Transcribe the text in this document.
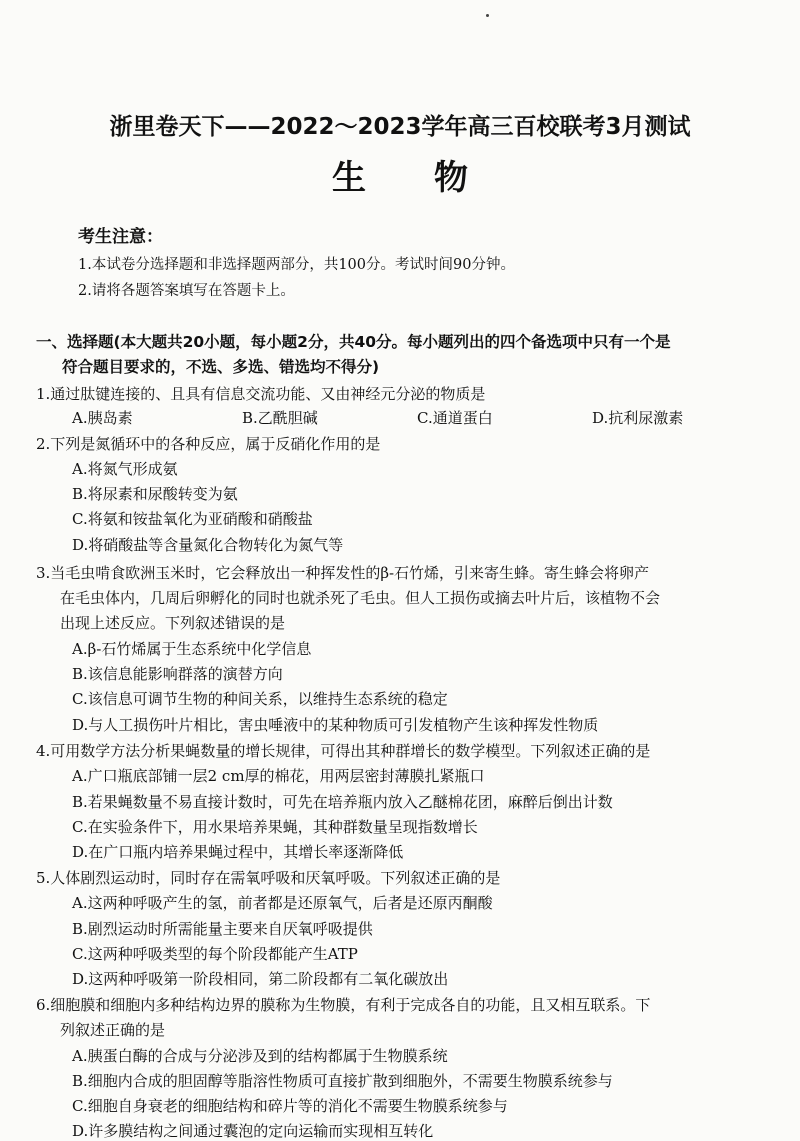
浙里卷天下——2022～2023学年高三百校联考3月测试
生物
考生注意：
1.本试卷分选择题和非选择题两部分，共100分。考试时间90分钟。
2.请将各题答案填写在答题卡上。
一、选择题(本大题共20小题，每小题2分，共40分。每小题列出的四个备选项中只有一个是
符合题目要求的，不选、多选、错选均不得分)
1.通过肽键连接的、且具有信息交流功能、又由神经元分泌的物质是
A.胰岛素	B.乙酰胆碱	C.通道蛋白	D.抗利尿激素
2.下列是氮循环中的各种反应，属于反硝化作用的是
A.将氮气形成氨
B.将尿素和尿酸转变为氨
C.将氨和铵盐氧化为亚硝酸和硝酸盐
D.将硝酸盐等含量氮化合物转化为氮气等
3.当毛虫啃食欧洲玉米时，它会释放出一种挥发性的β-石竹烯，引来寄生蜂。寄生蜂会将卵产
在毛虫体内，几周后卵孵化的同时也就杀死了毛虫。但人工损伤或摘去叶片后，该植物不会
出现上述反应。下列叙述错误的是
A.β-石竹烯属于生态系统中化学信息
B.该信息能影响群落的演替方向
C.该信息可调节生物的种间关系，以维持生态系统的稳定
D.与人工损伤叶片相比，害虫唾液中的某种物质可引发植物产生该种挥发性物质
4.可用数学方法分析果蝇数量的增长规律，可得出其种群增长的数学模型。下列叙述正确的是
A.广口瓶底部铺一层2 cm厚的棉花，用两层密封薄膜扎紧瓶口
B.若果蝇数量不易直接计数时，可先在培养瓶内放入乙醚棉花团，麻醉后倒出计数
C.在实验条件下，用水果培养果蝇，其种群数量呈现指数增长
D.在广口瓶内培养果蝇过程中，其增长率逐渐降低
5.人体剧烈运动时，同时存在需氧呼吸和厌氧呼吸。下列叙述正确的是
A.这两种呼吸产生的氢，前者都是还原氧气，后者是还原丙酮酸
B.剧烈运动时所需能量主要来自厌氧呼吸提供
C.这两种呼吸类型的每个阶段都能产生ATP
D.这两种呼吸第一阶段相同，第二阶段都有二氧化碳放出
6.细胞膜和细胞内多种结构边界的膜称为生物膜，有利于完成各自的功能，且又相互联系。下
列叙述正确的是
A.胰蛋白酶的合成与分泌涉及到的结构都属于生物膜系统
B.细胞内合成的胆固醇等脂溶性物质可直接扩散到细胞外，不需要生物膜系统参与
C.细胞自身衰老的细胞结构和碎片等的消化不需要生物膜系统参与
D.许多膜结构之间通过囊泡的定向运输而实现相互转化
